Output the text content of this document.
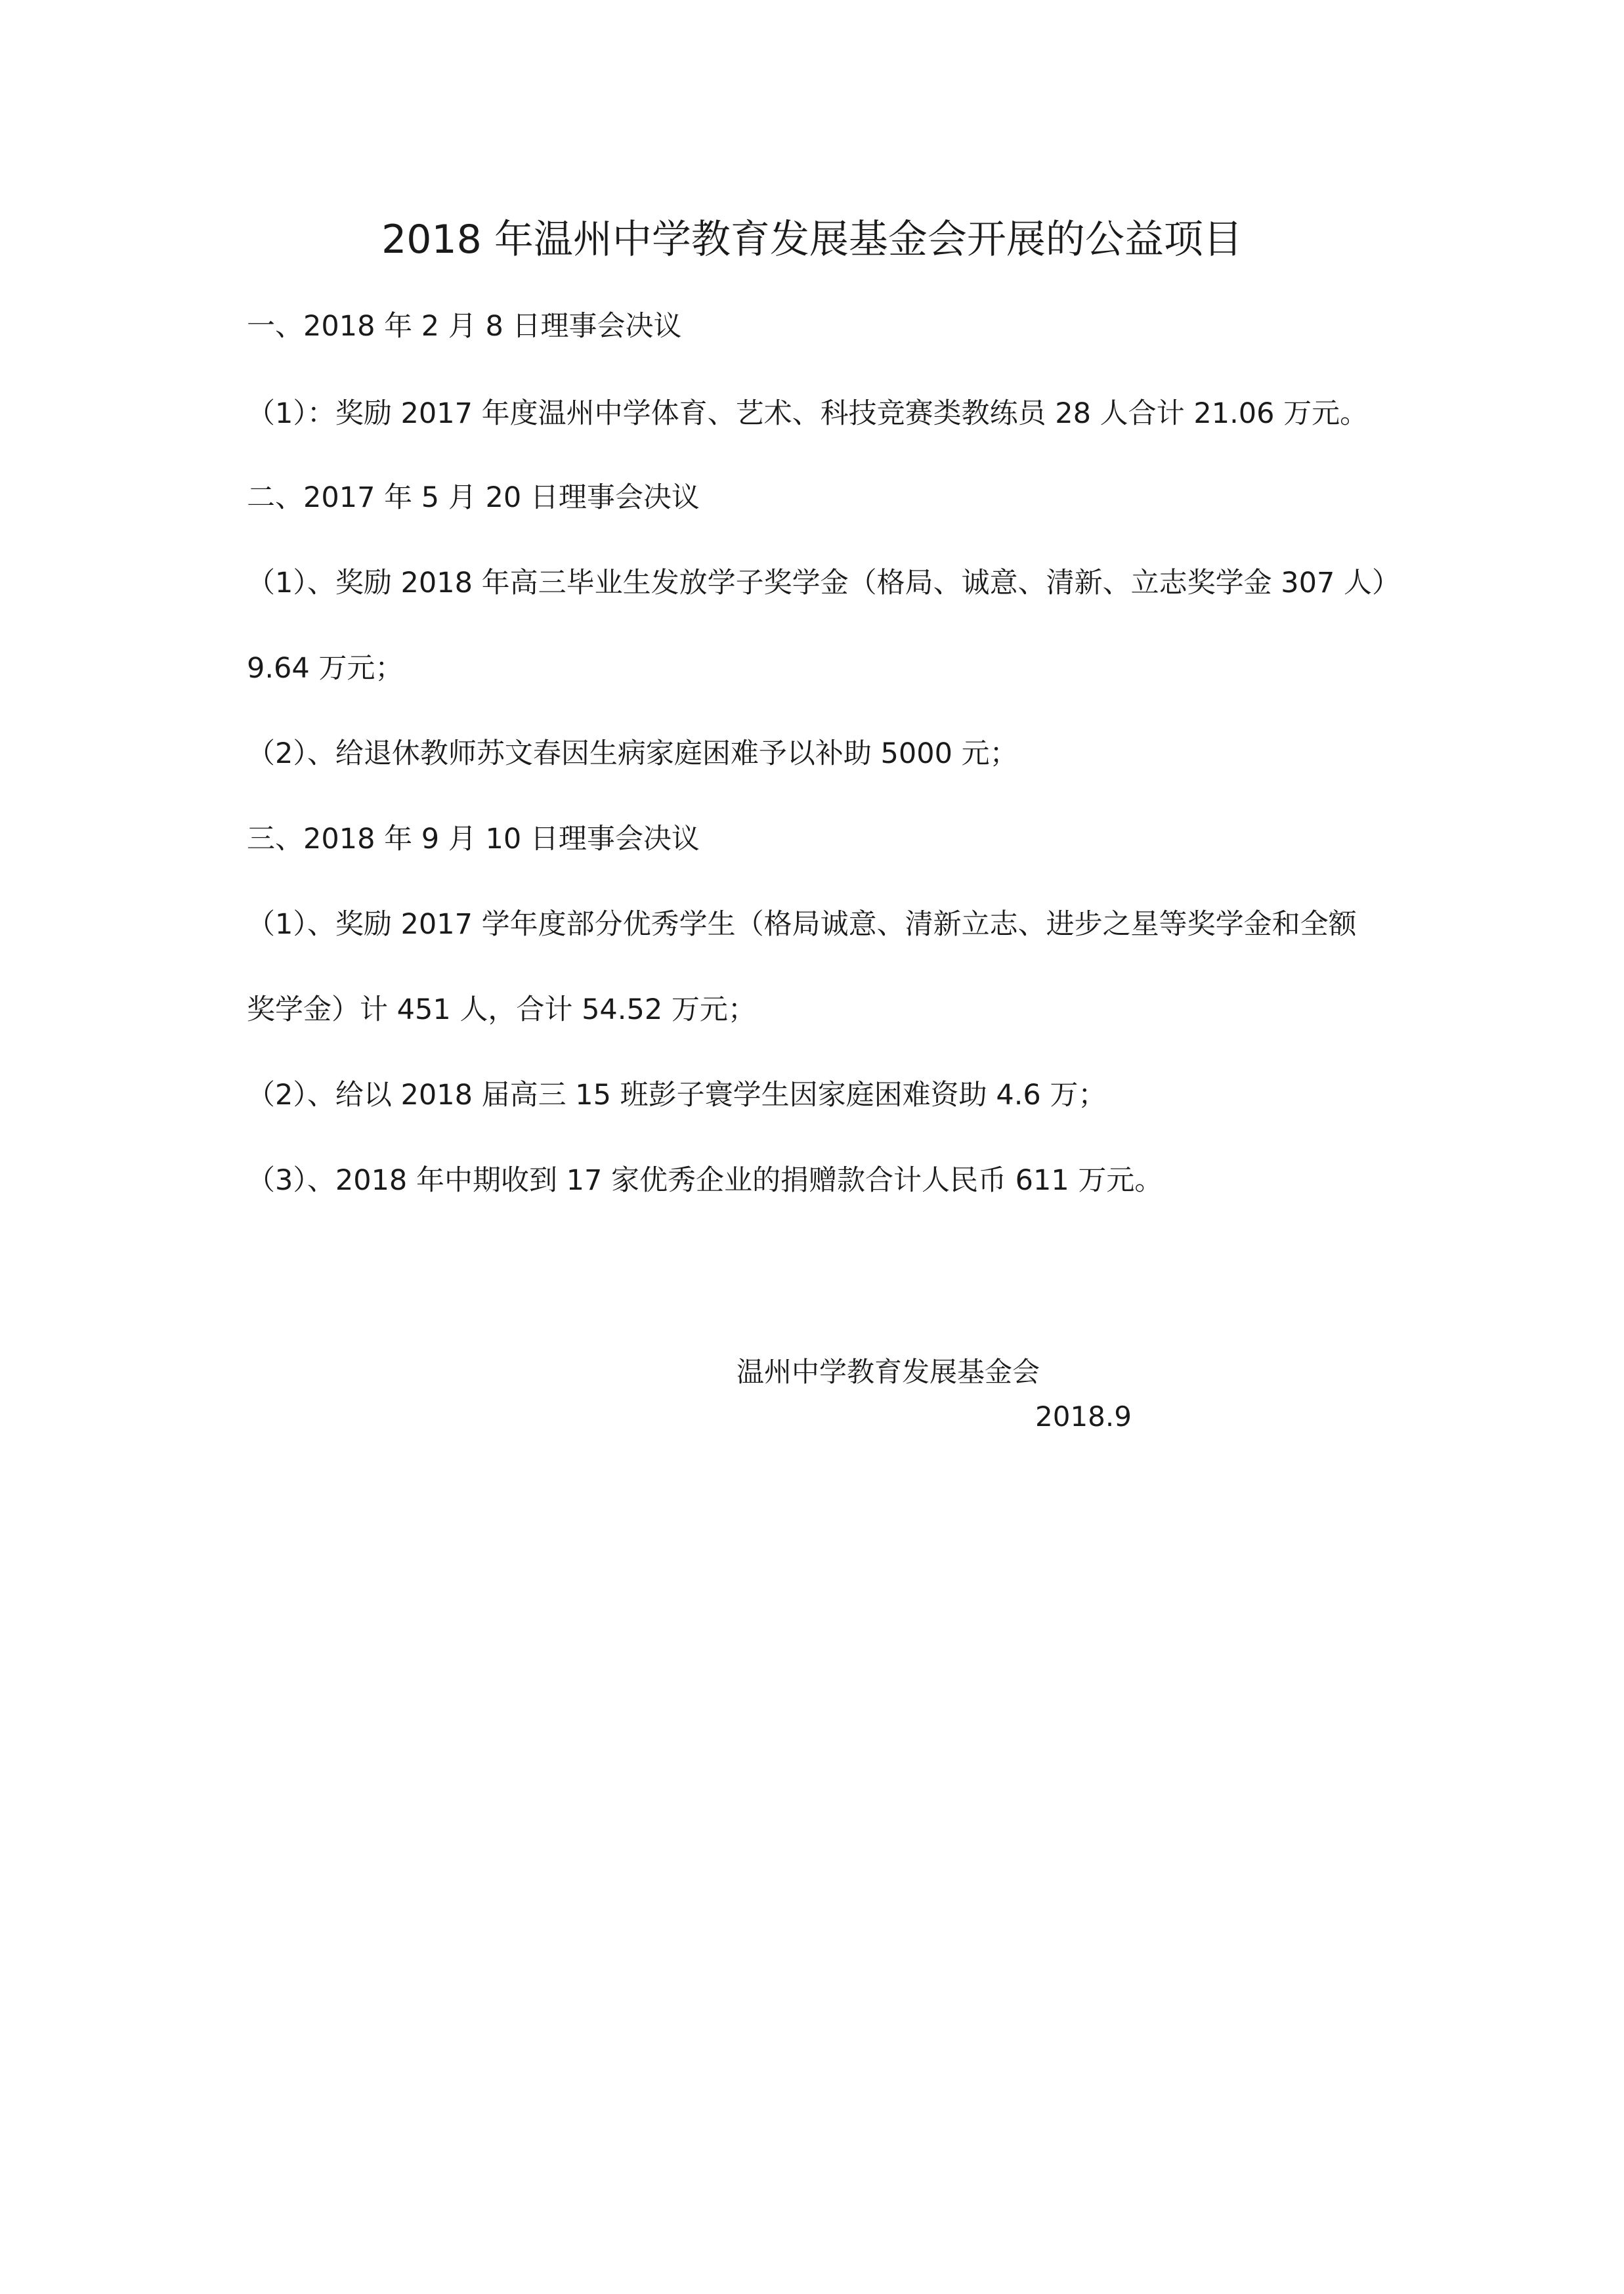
2018 年温州中学教育发展基金会开展的公益项目
一、2018 年 2 月 8 日理事会决议
（1）：奖励 2017 年度温州中学体育、艺术、科技竞赛类教练员 28 人合计 21.06 万元。
二、2017 年 5 月 20 日理事会决议
（1）、奖励 2018 年高三毕业生发放学子奖学金（格局、诚意、清新、立志奖学金 307 人）
9.64 万元；
（2）、给退休教师苏文春因生病家庭困难予以补助 5000 元；
三、2018 年 9 月 10 日理事会决议
（1）、奖励 2017 学年度部分优秀学生（格局诚意、清新立志、进步之星等奖学金和全额
奖学金）计 451 人，合计 54.52 万元；
（2）、给以 2018 届高三 15 班彭子寰学生因家庭困难资助 4.6 万；
（3）、2018 年中期收到 17 家优秀企业的捐赠款合计人民币 611 万元。
温州中学教育发展基金会
2018.9
